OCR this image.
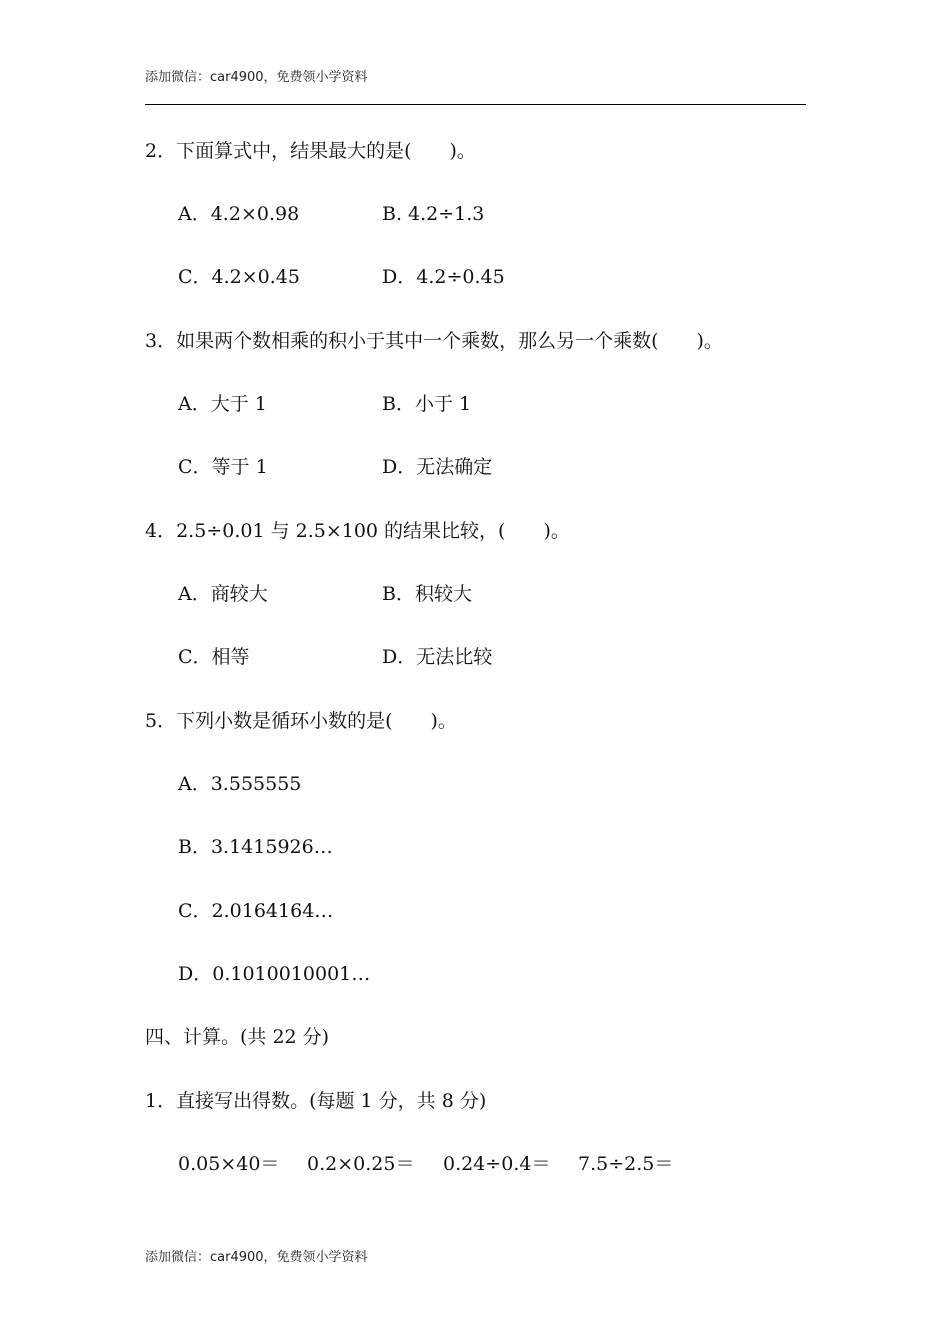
添加微信：car4900，免费领小学资料
2．下面算式中，结果最大的是(　　)。
A．4.2×0.98	B. 4.2÷1.3
C．4.2×0.45	D．4.2÷0.45
3．如果两个数相乘的积小于其中一个乘数，那么另一个乘数(　　)。
A．大于 1	B．小于 1
C．等于 1	D．无法确定
4．2.5÷0.01 与 2.5×100 的结果比较，(　　)。
A．商较大	B．积较大
C．相等	D．无法比较
5．下列小数是循环小数的是(　　)。
A．3.555555
B．3.1415926…
C．2.0164164…
D．0.1010010001…
四、计算。(共 22 分)
1．直接写出得数。(每题 1 分，共 8 分)
0.05×40＝ 0.2×0.25＝ 0.24÷0.4＝ 7.5÷2.5＝
添加微信：car4900，免费领小学资料
